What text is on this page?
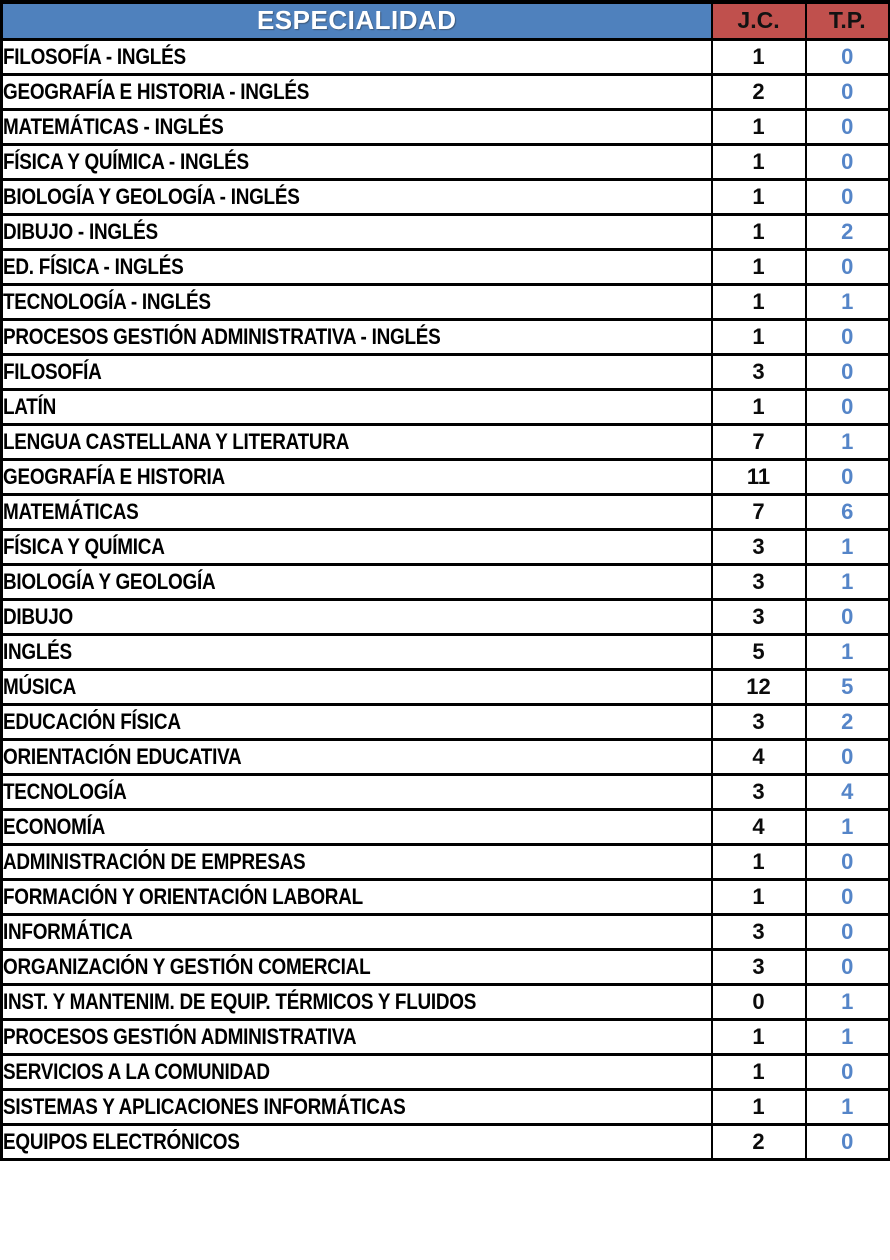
ESPECIALIDAD	J.C.	T.P.
FILOSOFÍA - INGLÉS	1	0
GEOGRAFÍA E HISTORIA - INGLÉS	2	0
MATEMÁTICAS - INGLÉS	1	0
FÍSICA Y QUÍMICA - INGLÉS	1	0
BIOLOGÍA Y GEOLOGÍA - INGLÉS	1	0
DIBUJO - INGLÉS	1	2
ED. FÍSICA - INGLÉS	1	0
TECNOLOGÍA - INGLÉS	1	1
PROCESOS GESTIÓN ADMINISTRATIVA - INGLÉS	1	0
FILOSOFÍA	3	0
LATÍN	1	0
LENGUA CASTELLANA Y LITERATURA	7	1
GEOGRAFÍA E HISTORIA	11	0
MATEMÁTICAS	7	6
FÍSICA Y QUÍMICA	3	1
BIOLOGÍA Y GEOLOGÍA	3	1
DIBUJO	3	0
INGLÉS	5	1
MÚSICA	12	5
EDUCACIÓN FÍSICA	3	2
ORIENTACIÓN EDUCATIVA	4	0
TECNOLOGÍA	3	4
ECONOMÍA	4	1
ADMINISTRACIÓN DE EMPRESAS	1	0
FORMACIÓN Y ORIENTACIÓN LABORAL	1	0
INFORMÁTICA	3	0
ORGANIZACIÓN Y GESTIÓN COMERCIAL	3	0
INST. Y MANTENIM. DE EQUIP. TÉRMICOS Y FLUIDOS	0	1
PROCESOS GESTIÓN ADMINISTRATIVA	1	1
SERVICIOS A LA COMUNIDAD	1	0
SISTEMAS Y APLICACIONES INFORMÁTICAS	1	1
EQUIPOS ELECTRÓNICOS	2	0
